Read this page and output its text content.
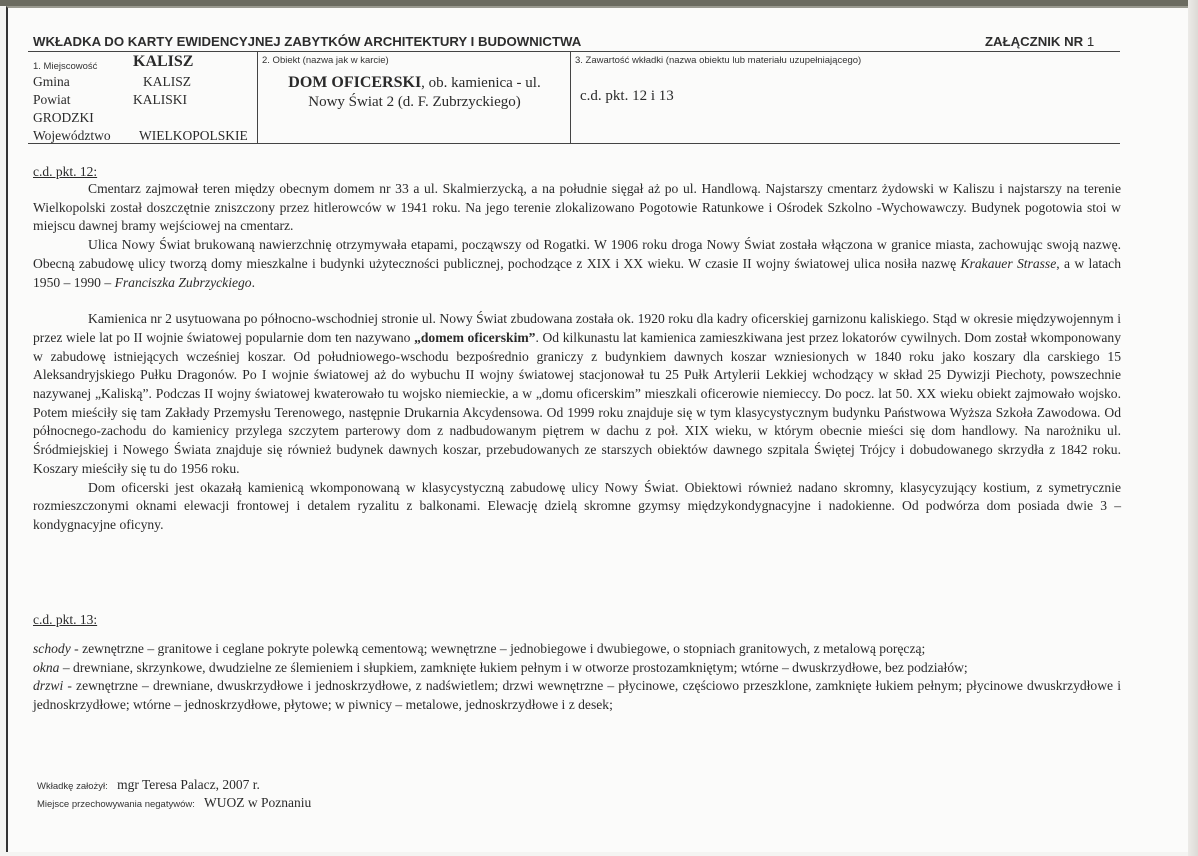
WKŁADKA DO KARTY EWIDENCYJNEJ ZABYTKÓW ARCHITEKTURY I BUDOWNICTWA	ZAŁĄCZNIK NR 1
1. Miejscowość KALISZ
Gmina	KALISZ
Powiat	KALISKI
GRODZKI
Województwo WIELKOPOLSKIE
2. Obiekt (nazwa jak w karcie)
DOM OFICERSKI, ob. kamienica - ul.
Nowy Świat 2 (d. F. Zubrzyckiego)
3. Zawartość wkładki (nazwa obiektu lub materiału uzupełniającego)
c.d. pkt. 12 i 13
c.d. pkt. 12:

Cmentarz zajmował teren między obecnym domem nr 33 a ul. Skalmierzycką, a na południe sięgał aż po ul. Handlową. Najstarszy cmentarz żydowski w Kaliszu i najstarszy na terenie Wielkopolski został doszczętnie zniszczony przez hitlerowców w 1941 roku. Na jego terenie zlokalizowano Pogotowie Ratunkowe i Ośrodek Szkolno -Wychowawczy. Budynek pogotowia stoi w miejscu dawnej bramy wejściowej na cmentarz.

Ulica Nowy Świat brukowaną nawierzchnię otrzymywała etapami, począwszy od Rogatki. W 1906 roku droga Nowy Świat została włączona w granice miasta, zachowując swoją nazwę. Obecną zabudowę ulicy tworzą domy mieszkalne i budynki użyteczności publicznej, pochodzące z XIX i XX wieku. W czasie II wojny światowej ulica nosiła nazwę Krakauer Strasse, a w latach 1950 – 1990 – Franciszka Zubrzyckiego.

Kamienica nr 2 usytuowana po północno-wschodniej stronie ul. Nowy Świat zbudowana została ok. 1920 roku dla kadry oficerskiej garnizonu kaliskiego. Stąd w okresie międzywojennym i przez wiele lat po II wojnie światowej popularnie dom ten nazywano „domem oficerskim”. Od kilkunastu lat kamienica zamieszkiwana jest przez lokatorów cywilnych. Dom został wkomponowany w zabudowę istniejących wcześniej koszar. Od południowego-wschodu bezpośrednio graniczy z budynkiem dawnych koszar wzniesionych w 1840 roku jako koszary dla carskiego 15 Aleksandryjskiego Pułku Dragonów. Po I wojnie światowej aż do wybuchu II wojny światowej stacjonował tu 25 Pułk Artylerii Lekkiej wchodzący w skład 25 Dywizji Piechoty, powszechnie nazywanej „Kaliską”. Podczas II wojny światowej kwaterowało tu wojsko niemieckie, a w „domu oficerskim” mieszkali oficerowie niemieccy. Do pocz. lat 50. XX wieku obiekt zajmowało wojsko. Potem mieściły się tam Zakłady Przemysłu Terenowego, następnie Drukarnia Akcydensowa. Od 1999 roku znajduje się w tym klasycystycznym budynku Państwowa Wyższa Szkoła Zawodowa. Od północnego-zachodu do kamienicy przylega szczytem parterowy dom z nadbudowanym piętrem w dachu z poł. XIX wieku, w którym obecnie mieści się dom handlowy. Na narożniku ul. Śródmiejskiej i Nowego Świata znajduje się również budynek dawnych koszar, przebudowanych ze starszych obiektów dawnego szpitala Świętej Trójcy i dobudowanego skrzydła z 1842 roku. Koszary mieściły się tu do 1956 roku.

Dom oficerski jest okazałą kamienicą wkomponowaną w klasycystyczną zabudowę ulicy Nowy Świat. Obiektowi również nadano skromny, klasycyzujący kostium, z symetrycznie rozmieszczonymi oknami elewacji frontowej i detalem ryzalitu z balkonami. Elewację dzielą skromne gzymsy międzykondygnacyjne i nadokienne. Od podwórza dom posiada dwie 3 – kondygnacyjne oficyny.

c.d. pkt. 13:

schody - zewnętrzne – granitowe i ceglane pokryte polewką cementową; wewnętrzne – jednobiegowe i dwubiegowe, o stopniach granitowych, z metalową poręczą;

okna – drewniane, skrzynkowe, dwudzielne ze ślemieniem i słupkiem, zamknięte łukiem pełnym i w otworze prostozamkniętym; wtórne – dwuskrzydłowe, bez podziałów;

drzwi - zewnętrzne – drewniane, dwuskrzydłowe i jednoskrzydłowe, z nadświetlem; drzwi wewnętrzne – płycinowe, częściowo przeszklone, zamknięte łukiem pełnym; płycinowe dwuskrzydłowe i jednoskrzydłowe; wtórne – jednoskrzydłowe, płytowe; w piwnicy – metalowe, jednoskrzydłowe i z desek;

Wkładkę założył: mgr Teresa Palacz, 2007 r.
Miejsce przechowywania negatywów: WUOZ w Poznaniu
